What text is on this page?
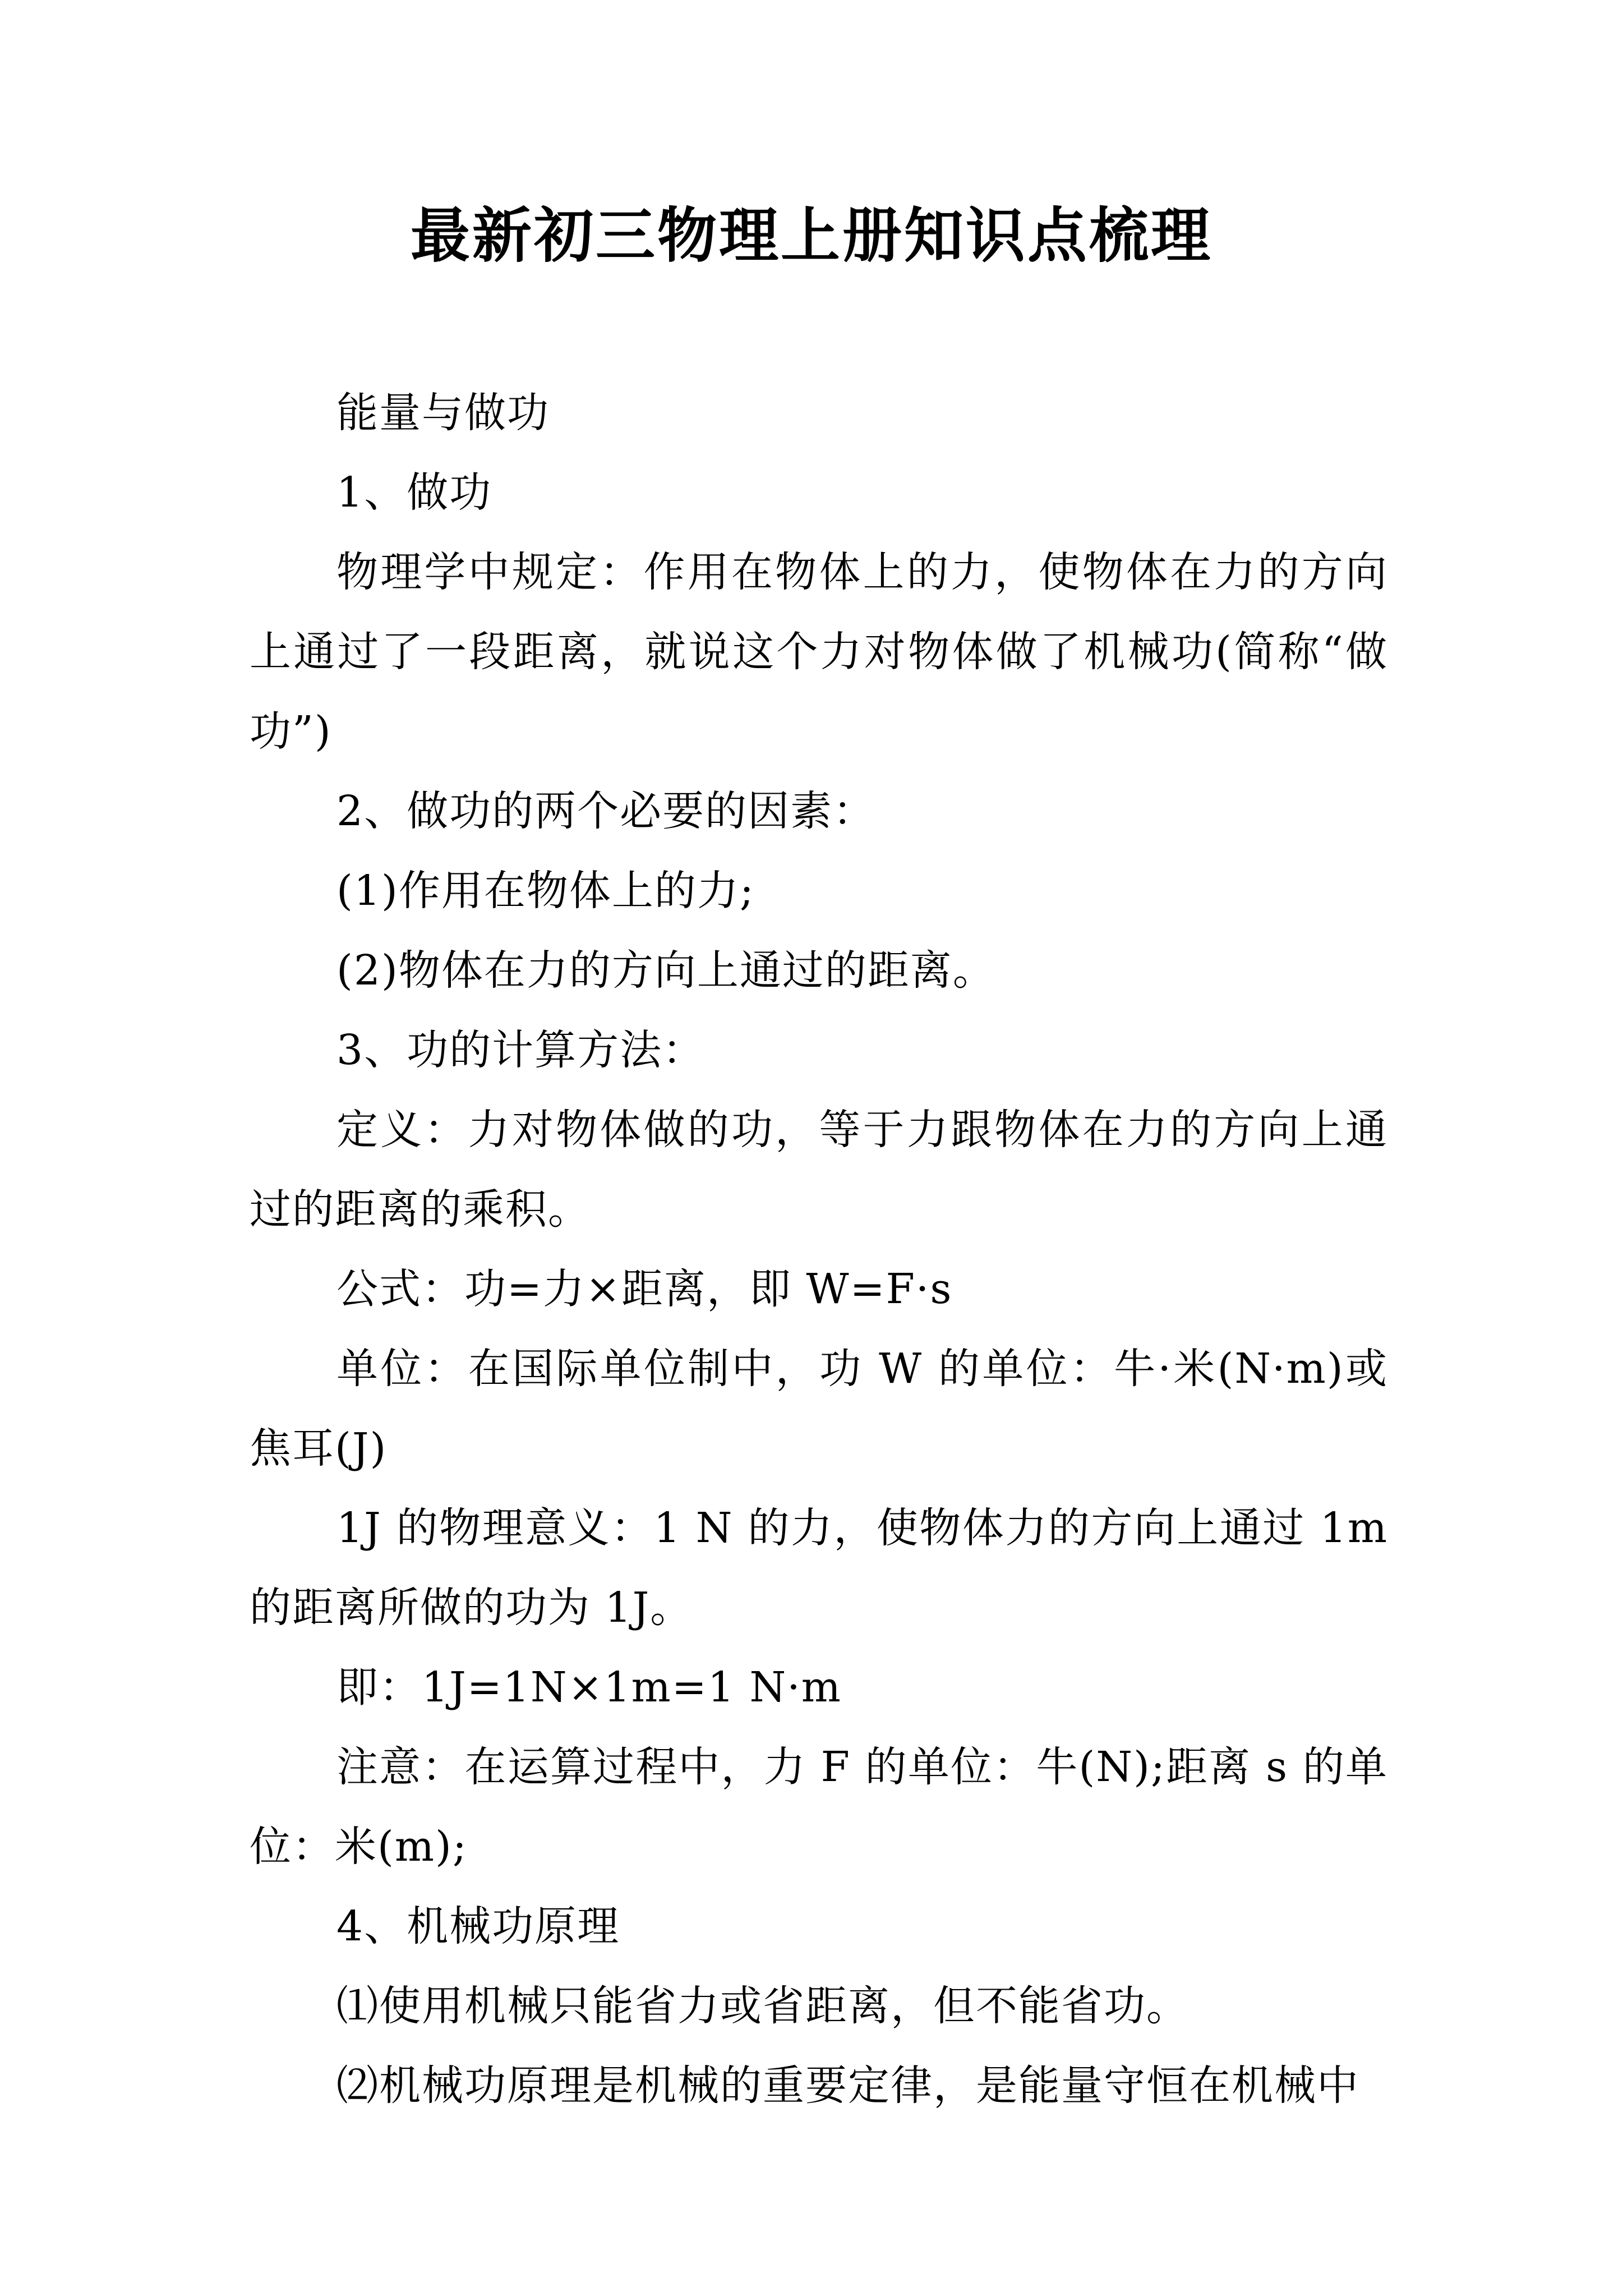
最新初三物理上册知识点梳理

能量与做功

1、做功

物理学中规定：作用在物体上的力，使物体在力的方向上通过了一段距离，就说这个力对物体做了机械功(简称“做功”)

2、做功的两个必要的因素：

(1)作用在物体上的力;

(2)物体在力的方向上通过的距离。

3、功的计算方法：

定义：力对物体做的功，等于力跟物体在力的方向上通过的距离的乘积。

公式：功=力×距离，即 W=F·s

单位：在国际单位制中，功 W 的单位：牛·米(N·m)或焦耳(J)

1J 的物理意义：1 N 的力，使物体力的方向上通过 1m 的距离所做的功为 1J。

即：1J=1N×1m=1 N·m

注意：在运算过程中，力 F 的单位：牛(N);距离 s 的单位：米(m);

4、机械功原理

⑴使用机械只能省力或省距离，但不能省功。

⑵机械功原理是机械的重要定律，是能量守恒在机械中
